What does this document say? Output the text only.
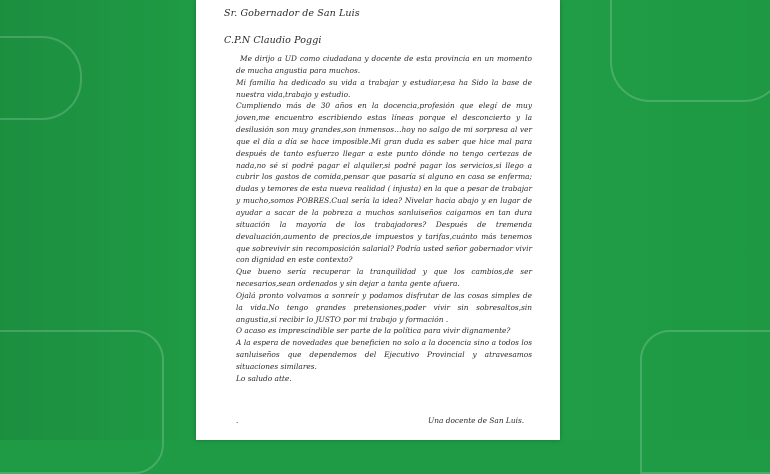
Sr. Gobernador de San Luis
C.P.N Claudio Poggi

Me dirijo a UD como ciudadana y docente de esta provincia en un momento de mucha angustia para muchos.

Mi familia ha dedicado su vida a trabajar y estudiar,esa ha Sido la base de nuestra vida,trabajo y estudio.

Cumpliendo más de 30 años en la docencia,profesión que elegí de muy joven,me encuentro escribiendo estas líneas porque el desconcierto y la desilusión son muy grandes,son inmensos…hoy no salgo de mi sorpresa al ver que el día a día se hace imposible.Mi gran duda es saber que hice mal para después de tanto esfuerzo llegar a este punto dónde no tengo certezas de nada,no sé si podré pagar el alquiler,si podré pagar los servicios,si llego a cubrir los gastos de comida,pensar que pasaría si alguno en casa se enferma; dudas y temores de esta nueva realidad ( injusta) en la que a pesar de trabajar y mucho,somos POBRES.Cual sería la idea? Nivelar hacia abajo y en lugar de ayudar a sacar de la pobreza a muchos sanluiseños caigamos en tan dura situación la mayoría de los trabajadores? Después de tremenda devaluación,aumento de precios,de impuestos y tarifas,cuánto más tenemos que sobrevivir sin recomposición salarial? Podría usted señor gobernador vivir con dignidad en este contexto?

Que bueno sería recuperar la tranquilidad y que los cambios,de ser necesarios,sean ordenados y sin dejar a tanta gente afuera.

Ojalá pronto volvamos a sonreír y podamos disfrutar de las cosas simples de la vida.No tengo grandes pretensiones,poder vivir sin sobresaltos,sin angustia,si recibir lo JUSTO por mi trabajo y formación .

O acaso es imprescindible ser parte de la política para vivir dignamente?

A la espera de novedades que beneficien no solo a la docencia sino a todos los sanluiseños que dependemos del Ejecutivo Provincial y atravesamos situaciones similares.

Lo saludo atte.

.	Una docente de San Luis.
